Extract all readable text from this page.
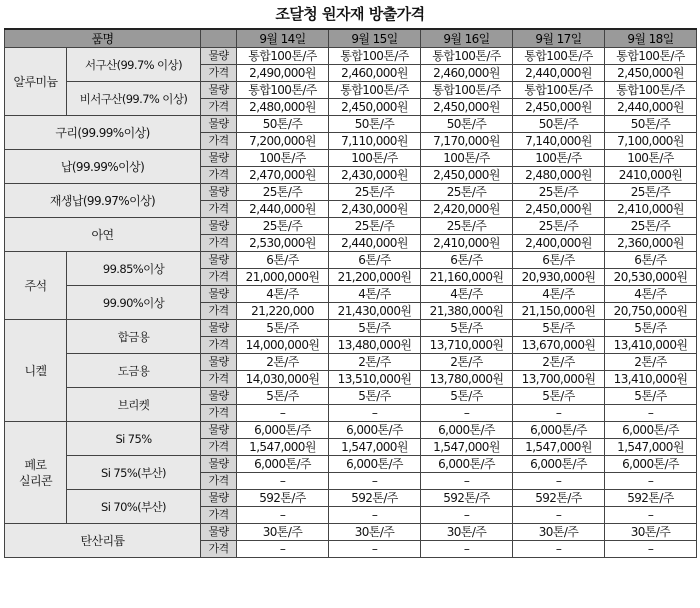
조달청 원자재 방출가격
품명			9월 14일	9월 15일	9월 16일	9월 17일	9월 18일
알루미늄	서구산(99.7% 이상)	물량	통합100톤/주	통합100톤/주	통합100톤/주	통합100톤/주	통합100톤/주
		가격	2,490,000원	2,460,000원	2,460,000원	2,440,000원	2,450,000원
	비서구산(99.7% 이상)	물량	통합100톤/주	통합100톤/주	통합100톤/주	통합100톤/주	통합100톤/주
		가격	2,480,000원	2,450,000원	2,450,000원	2,450,000원	2,440,000원
구리(99.99%이상)		물량	50톤/주	50톤/주	50톤/주	50톤/주	50톤/주
		가격	7,200,000원	7,110,000원	7,170,000원	7,140,000원	7,100,000원
납(99.99%이상)		물량	100톤/주	100톤/주	100톤/주	100톤/주	100톤/주
		가격	2,470,000원	2,430,000원	2,450,000원	2,480,000원	2410,000원
재생납(99.97%이상)		물량	25톤/주	25톤/주	25톤/주	25톤/주	25톤/주
		가격	2,440,000원	2,430,000원	2,420,000원	2,450,000원	2,410,000원
아연		물량	25톤/주	25톤/주	25톤/주	25톤/주	25톤/주
		가격	2,530,000원	2,440,000원	2,410,000원	2,400,000원	2,360,000원
주석	99.85%이상	물량	6톤/주	6톤/주	6톤/주	6톤/주	6톤/주
		가격	21,000,000원	21,200,000원	21,160,000원	20,930,000원	20,530,000원
	99.90%이상	물량	4톤/주	4톤/주	4톤/주	4톤/주	4톤/주
		가격	21,220,000	21,430,000원	21,380,000원	21,150,000원	20,750,000원
니켈	합금용	물량	5톤/주	5톤/주	5톤/주	5톤/주	5톤/주
		가격	14,000,000원	13,480,000원	13,710,000원	13,670,000원	13,410,000원
	도금용	물량	2톤/주	2톤/주	2톤/주	2톤/주	2톤/주
		가격	14,030,000원	13,510,000원	13,780,000원	13,700,000원	13,410,000원
	브리켓	물량	5톤/주	5톤/주	5톤/주	5톤/주	5톤/주
		가격	–	–	–	–	–
페로
실리콘	Si 75%	물량	6,000톤/주	6,000톤/주	6,000톤/주	6,000톤/주	6,000톤/주
		가격	1,547,000원	1,547,000원	1,547,000원	1,547,000원	1,547,000원
	Si 75%(부산)	물량	6,000톤/주	6,000톤/주	6,000톤/주	6,000톤/주	6,000톤/주
		가격	–	–	–	–	–
	Si 70%(부산)	물량	592톤/주	592톤/주	592톤/주	592톤/주	592톤/주
		가격	–	–	–	–	–
탄산리튬		물량	30톤/주	30톤/주	30톤/주	30톤/주	30톤/주
		가격	–	–	–	–	–
